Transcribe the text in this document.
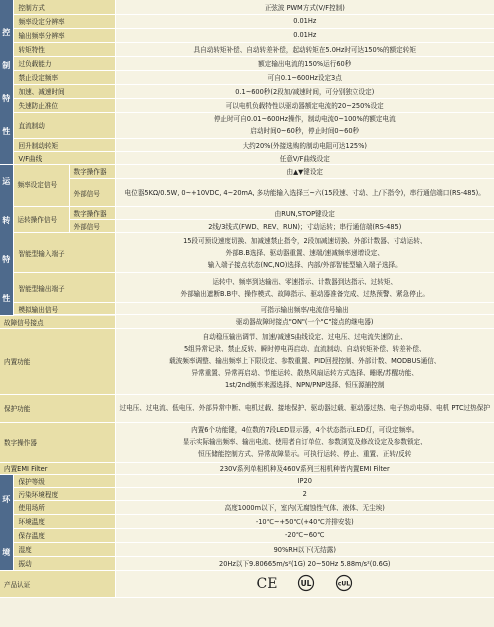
控
制
特
性	控制方式		正弦波 PWM方式(V/F控制)
	频率设定分辨率		0.01Hz
	输出频率分辨率		0.01Hz
	转矩特性		具自动转矩补偿、自动转差补偿，起动转矩在5.0Hz时可达150%的额定转矩
	过负载能力		额定输出电流的150%运行60秒
	禁止设定频率		可自0.1~600Hz设定3点
	加速、减速时间		0.1~600秒(2段加/减速时间，可分别独立设定)
	失速防止准位		可以电机负载特性以驱动器额定电流的20~250%设定
	直流制动		停止时可自0.01~600Hz操作，制动电流0~100%的额定电流
启动时间0~60秒，停止时间0~60秒

	回升制动转矩		大约20%(外接选购的制动电阻可达125%)
	V/F曲线		任意V/F曲线设定

运
转
特
性	频率设定信号	数字操作器	由▲▼键设定
		外部信号	电位器5KΩ/0.5W, 0~+10VDC, 4~20mA, 多功能输入选择三~六(15段速、寸动、上/下指令)，串行通信端口(RS-485)。
	运转操作信号	数字操作器	由RUN,STOP键设定
		外部信号	2线/3线式(FWD、REV、RUN)；寸动运转；串行通信端(RS-485)
	智能型输入端子		15段可预设速度切换、加减速禁止指令，2段加减速切换、外部计数器、寸动运转、
外部B.B选择、驱动器重置、速端/速减频率递增设定、
输入端子接点状态(NC,NO)选择、内部/外部智能型输入端子选择。

	智能型输出端子		运转中、频率到达输出、零速指示、计数器到达指示、过转矩、
外部输出遮断B.B中、操作模式、故障指示、驱动器准备完成、过热预警、紧急停止。

	模拟输出信号		可指示输出频率/电流信号输出

故障信号接点			驱动器故障时接点"ON"(一个"C"接点的继电器)
内置功能			自动稳压输出调节、加速/减速S曲线设定、过电压、过电流失速防止、
5组异常记录、禁止反转、瞬时停电再启动、直流制动、自动转矩补偿、转差补偿、
载波频率调整、输出频率上下限设定、参数重置、PID回授控制、外部计数、MODBUS通信、
异常重置、异常再启动、节能运转、散热风扇运转方式选择、睡眠/苏醒功能、
1st/2nd频率来源选择、NPN/PNP选择、恒压源捕控制

保护功能			过电压、过电流、低电压、外部异常中断、电机过载、接地保护、驱动器过载、驱动器过热、电子热动电驿、电机 PTC过热保护
数字操作器			内置6个功能键，4位数的7段LED显示器，4个状态指示LED灯，可设定频率。
显示实际输出频率、输出电流、使用者自订单位、参数浏览及修改设定及参数锁定、
恒压储能控制方式、异常故障显示。可执行运转、停止、重置、正转/反转

内置EMI Filter			230V系列单相机种及460V系列三相机种皆内置EMI Filter

环
境	保护等级		IP20
	污染环境程度		2
	使用场所		高度1000m以下，室内(无腐蚀性气体、液体、无尘埃)
	环境温度		-10℃~+50℃(+40℃并排安装)
	保存温度		-20℃~60℃
	湿度		90%RH以下(无结露)
	振动		20Hz以下9.80665m/s²(1G) 20~50Hz 5.88m/s²(0.6G)
产品认证			CE UL cUL
